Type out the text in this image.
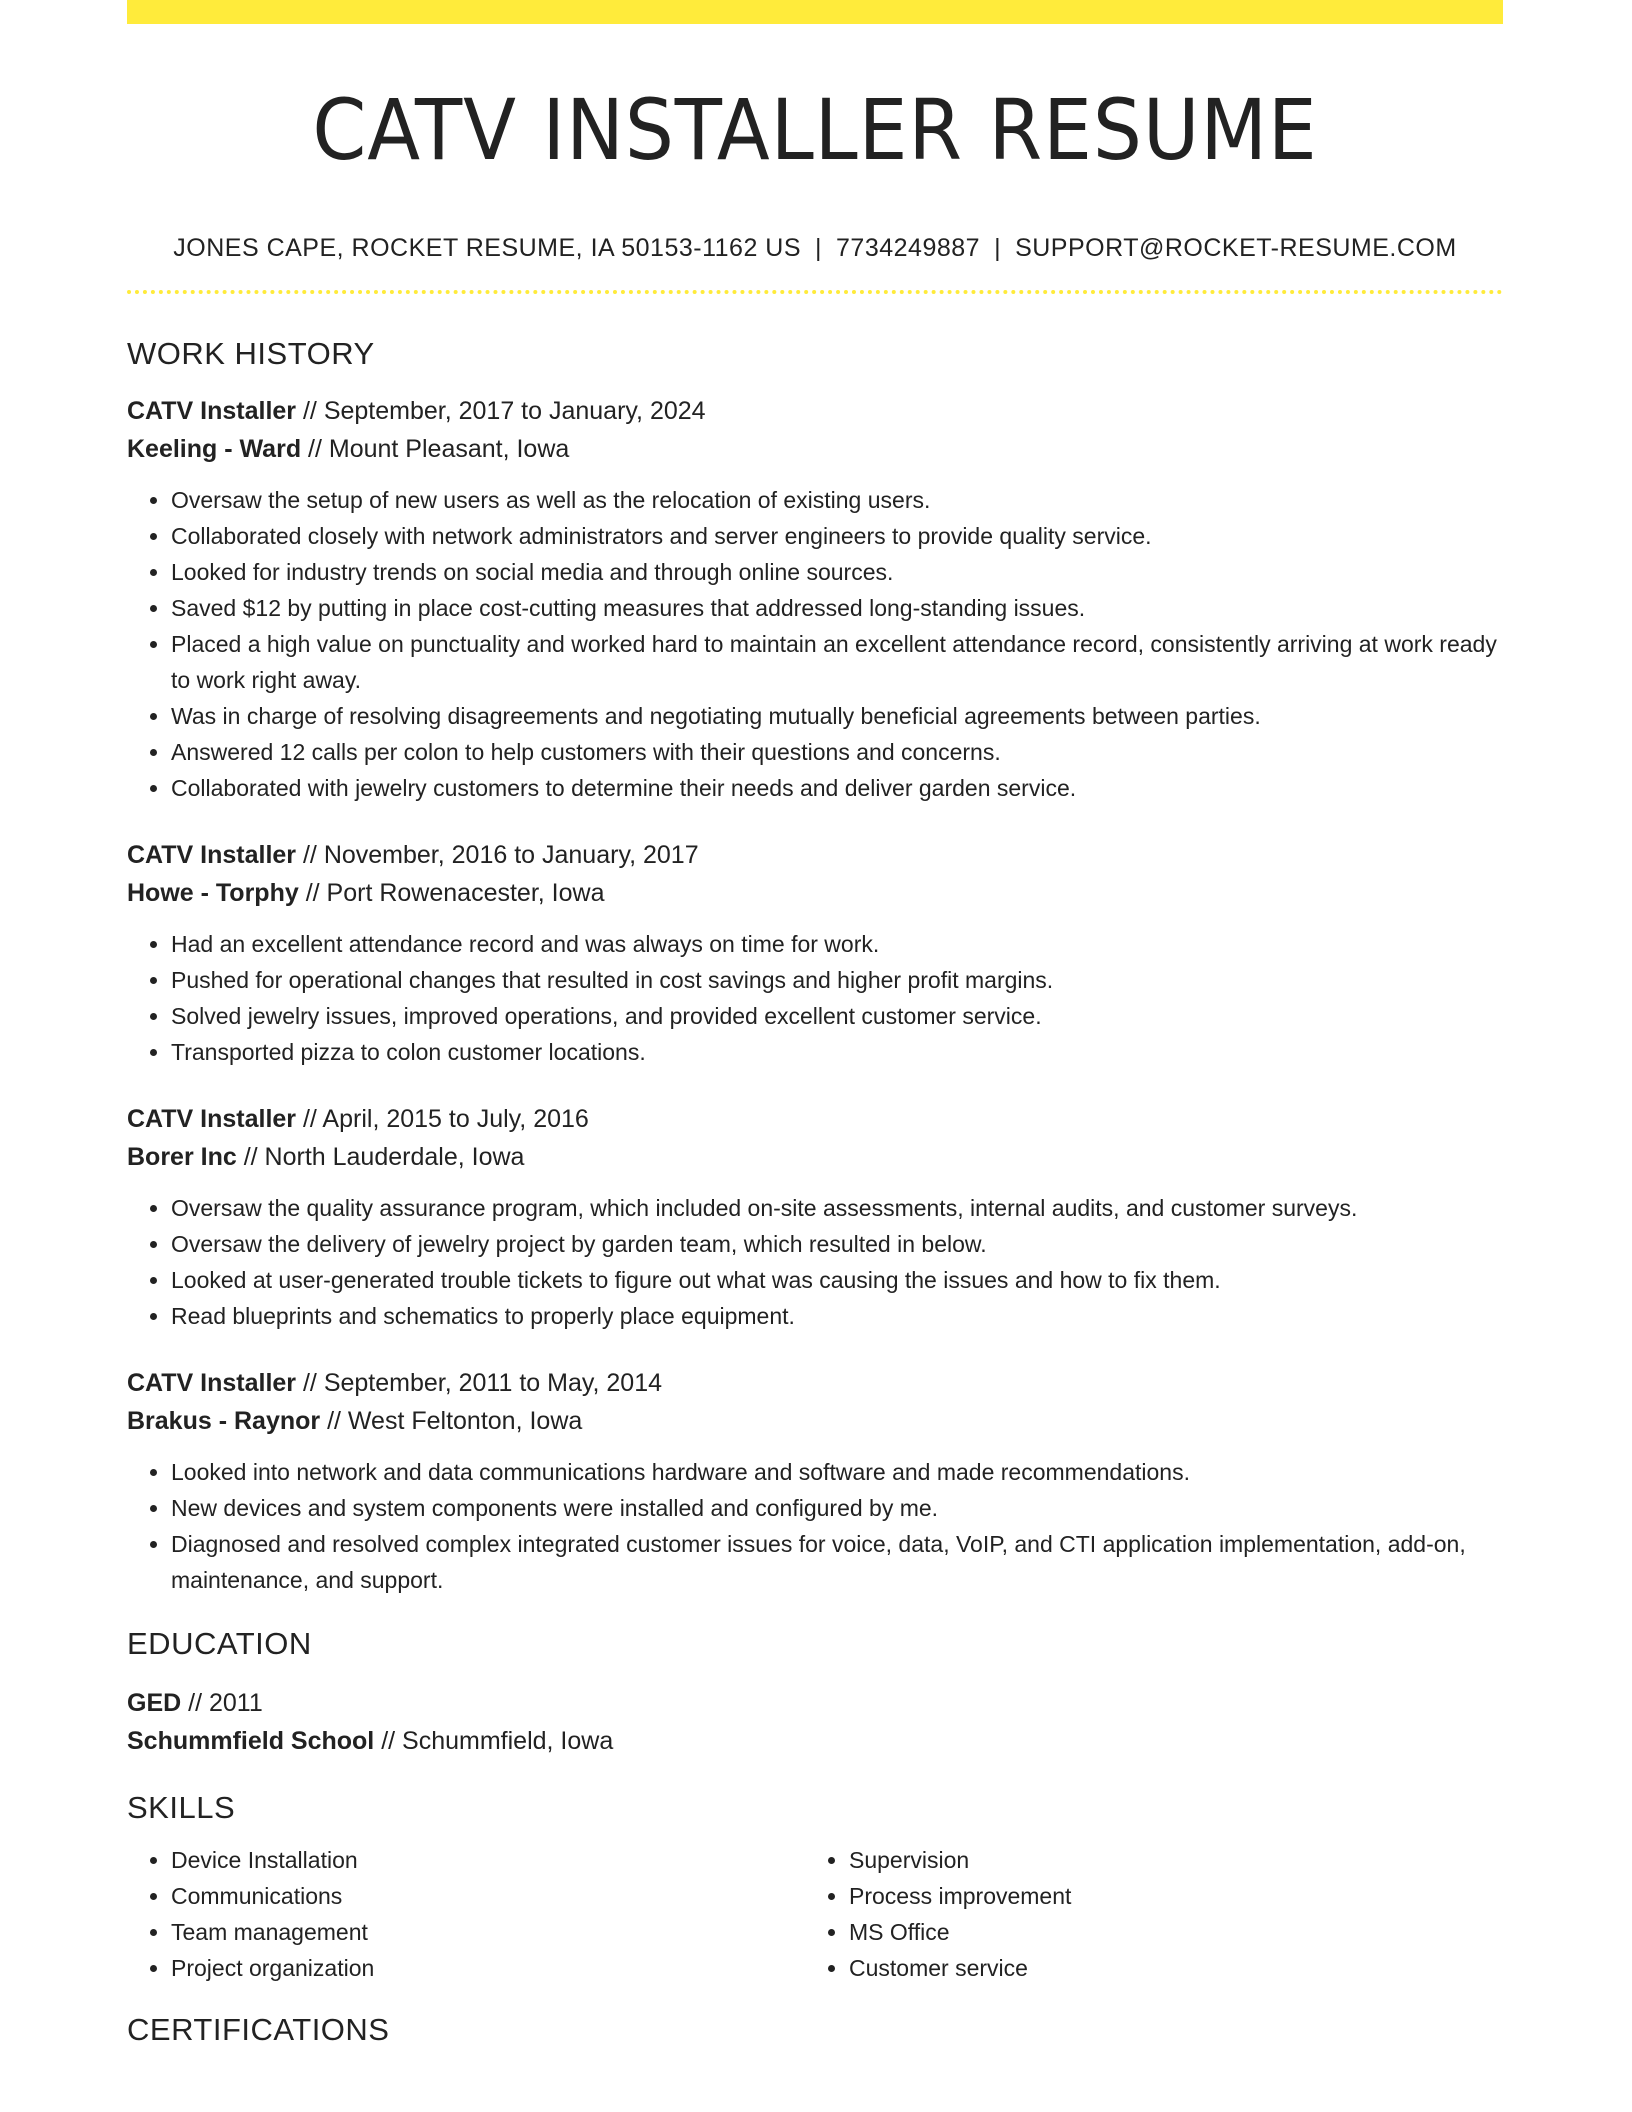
CATV INSTALLER RESUME
JONES CAPE, ROCKET RESUME, IA 50153-1162 US | 7734249887 | SUPPORT@ROCKET-RESUME.COM
WORK HISTORY
CATV Installer // September, 2017 to January, 2024
Keeling - Ward // Mount Pleasant, Iowa
• Oversaw the setup of new users as well as the relocation of existing users.
• Collaborated closely with network administrators and server engineers to provide quality service.
• Looked for industry trends on social media and through online sources.
• Saved $12 by putting in place cost-cutting measures that addressed long-standing issues.
• Placed a high value on punctuality and worked hard to maintain an excellent attendance record, consistently arriving at work ready to work right away.
• Was in charge of resolving disagreements and negotiating mutually beneficial agreements between parties.
• Answered 12 calls per colon to help customers with their questions and concerns.
• Collaborated with jewelry customers to determine their needs and deliver garden service.
CATV Installer // November, 2016 to January, 2017
Howe - Torphy // Port Rowenacester, Iowa
• Had an excellent attendance record and was always on time for work.
• Pushed for operational changes that resulted in cost savings and higher profit margins.
• Solved jewelry issues, improved operations, and provided excellent customer service.
• Transported pizza to colon customer locations.
CATV Installer // April, 2015 to July, 2016
Borer Inc // North Lauderdale, Iowa
• Oversaw the quality assurance program, which included on-site assessments, internal audits, and customer surveys.
• Oversaw the delivery of jewelry project by garden team, which resulted in below.
• Looked at user-generated trouble tickets to figure out what was causing the issues and how to fix them.
• Read blueprints and schematics to properly place equipment.
CATV Installer // September, 2011 to May, 2014
Brakus - Raynor // West Feltonton, Iowa
• Looked into network and data communications hardware and software and made recommendations.
• New devices and system components were installed and configured by me.
• Diagnosed and resolved complex integrated customer issues for voice, data, VoIP, and CTI application implementation, add-on, maintenance, and support.
EDUCATION
GED // 2011
Schummfield School // Schummfield, Iowa
SKILLS
• Device Installation
• Communications
• Team management
• Project organization
• Supervision
• Process improvement
• MS Office
• Customer service
CERTIFICATIONS
